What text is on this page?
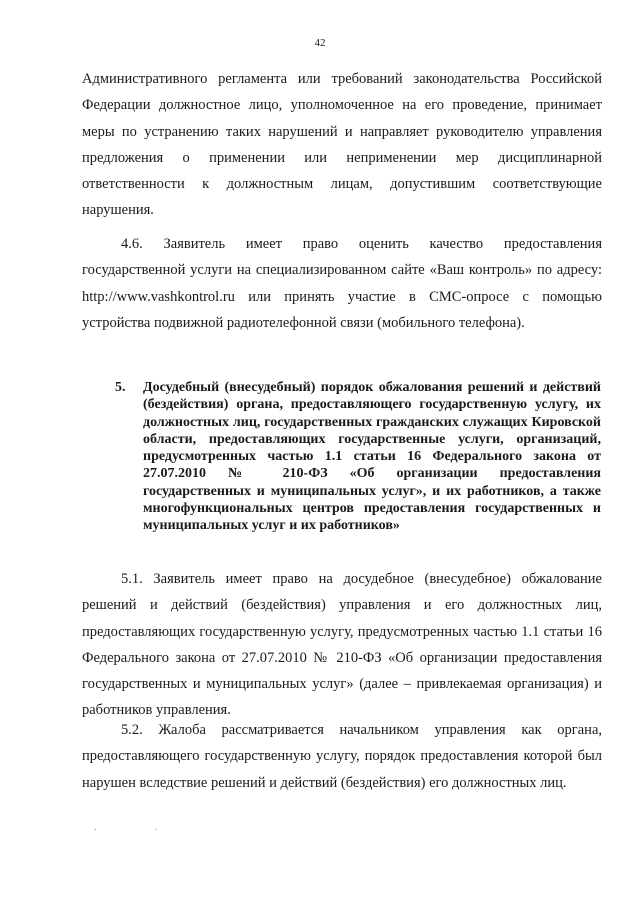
42

Административного регламента или требований законодательства Российской Федерации должностное лицо, уполномоченное на его проведение, принимает меры по устранению таких нарушений и направляет руководителю управления предложения о применении или неприменении мер дисциплинарной ответственности к должностным лицам, допустившим соответствующие нарушения.

4.6. Заявитель имеет право оценить качество предоставления государственной услуги на специализированном сайте «Ваш контроль» по адресу: http://www.vashkontrol.ru или принять участие в СМС-опросе с помощью устройства подвижной радиотелефонной связи (мобильного телефона).

5. Досудебный (внесудебный) порядок обжалования решений и действий (бездействия) органа, предоставляющего государственную услугу, их должностных лиц, государственных гражданских служащих Кировской области, предоставляющих государственные услуги, организаций, предусмотренных частью 1.1 статьи 16 Федерального закона от 27.07.2010 № 210-ФЗ «Об организации предоставления государственных и муниципальных услуг», и их работников, а также многофункциональных центров предоставления государственных и муниципальных услуг и их работников»

5.1. Заявитель имеет право на досудебное (внесудебное) обжалование решений и действий (бездействия) управления и его должностных лиц, предоставляющих государственную услугу, предусмотренных частью 1.1 статьи 16 Федерального закона от 27.07.2010 № 210-ФЗ «Об организации предоставления государственных и муниципальных услуг» (далее – привлекаемая организация) и работников управления.

5.2. Жалоба рассматривается начальником управления как органа, предоставляющего государственную услугу, порядок предоставления которой был нарушен вследствие решений и действий (бездействия) его должностных лиц.

. .
